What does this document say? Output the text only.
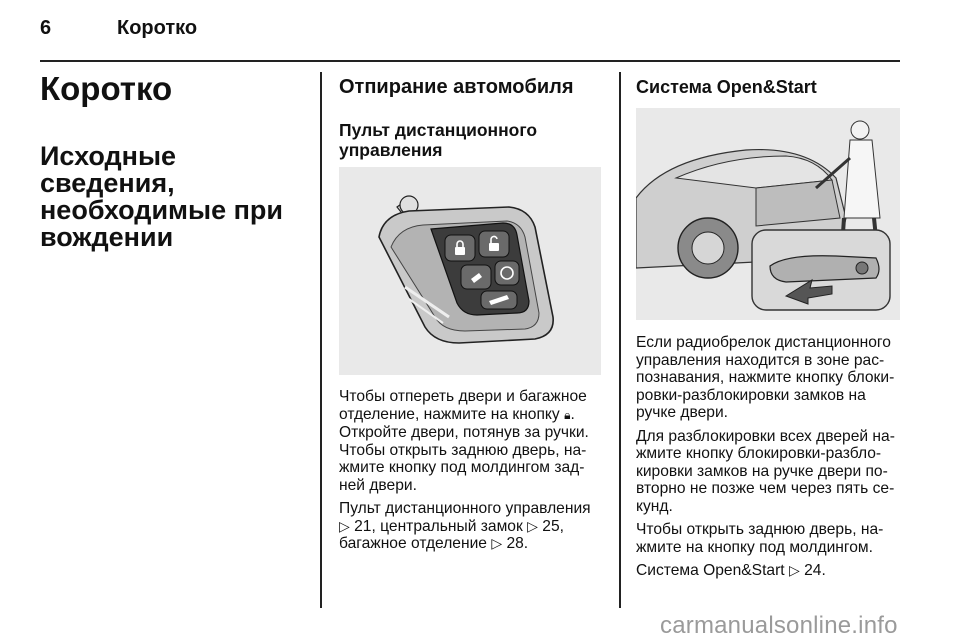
6	Коротко
Коротко
Исходные сведения,
необходимые при
вождении
Отпирание автомобиля
Пульт дистанционного
управления

Чтобы отпереть двери и багажное
отделение, нажмите на кнопку 🔒︎.
Откройте двери, потянув за ручки.
Чтобы открыть заднюю дверь, на-
жмите кнопку под молдингом зад-
ней двери.

Пульт дистанционного управления
▷ 21, центральный замок ▷ 25,
багажное отделение ▷ 28.

Система Open&Start

Если радиобрелок дистанционного
управления находится в зоне рас-
познавания, нажмите кнопку блоки-
ровки-разблокировки замков на
ручке двери.

Для разблокировки всех дверей на-
жмите кнопку блокировки-разбло-
кировки замков на ручке двери по-
вторно не позже чем через пять се-
кунд.

Чтобы открыть заднюю дверь, на-
жмите на кнопку под молдингом.

Система Open&Start ▷ 24.

carmanualsonline.info
